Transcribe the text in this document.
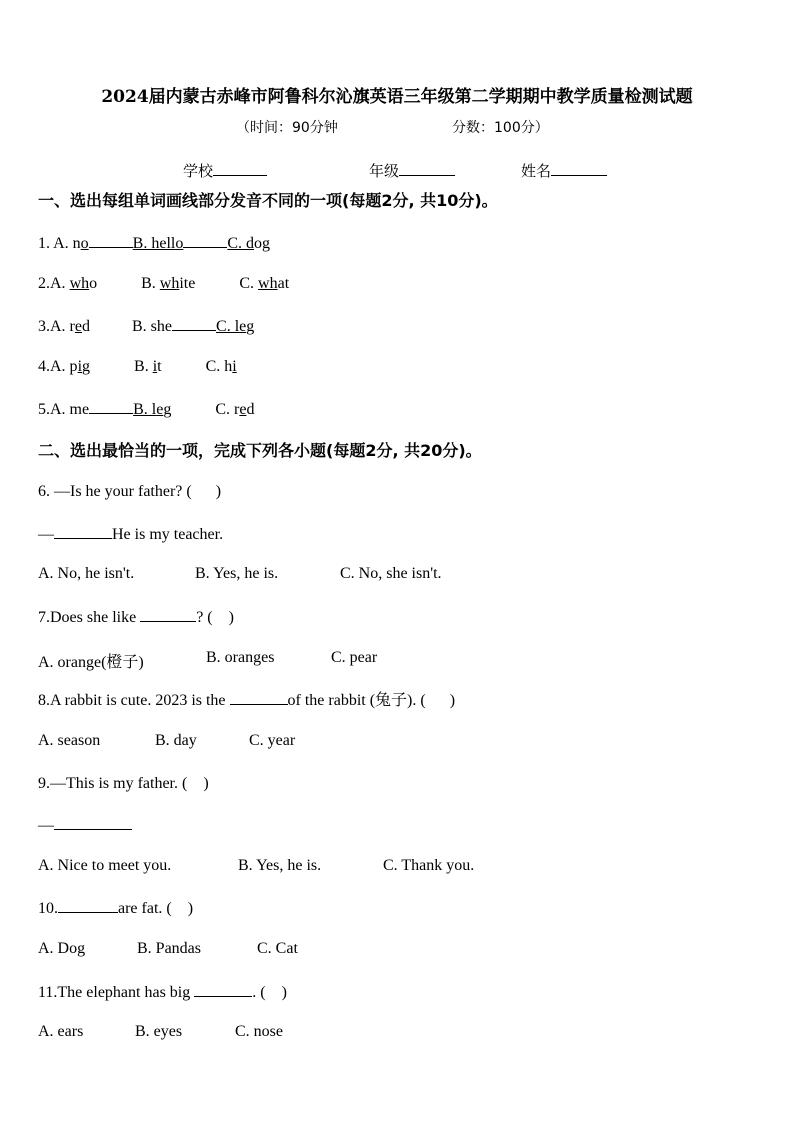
2024届内蒙古赤峰市阿鲁科尔沁旗英语三年级第二学期期中教学质量检测试题
（时间：90分钟	分数：100分）
学校	年级	姓名
一、选出每组单词画线部分发音不同的一项(每题2分, 共10分)。
1. A. no	B. hello	C. dog
2.A. who	B. white	C. what
3.A. red	B. she	C. leg
4.A. pig	B. it	C. hi
5.A. me	B. leg	C. red
二、选出最恰当的一项，完成下列各小题(每题2分, 共20分)。
6. —Is he your father? (      )
—	He is my teacher.
A. No, he isn't.	B. Yes, he is.	C. No, she isn't.
7.Does she like	? (    )
A. orange(橙子)	B. oranges	C. pear
8.A rabbit is cute. 2023 is the	of the rabbit (兔子). (      )
A. season	B. day	C. year
9.—This is my father. (    )
—
A. Nice to meet you.	B. Yes, he is.	C. Thank you.
10.	are fat. (    )
A. Dog	B. Pandas	C. Cat
11.The elephant has big	. (    )
A. ears	B. eyes	C. nose
